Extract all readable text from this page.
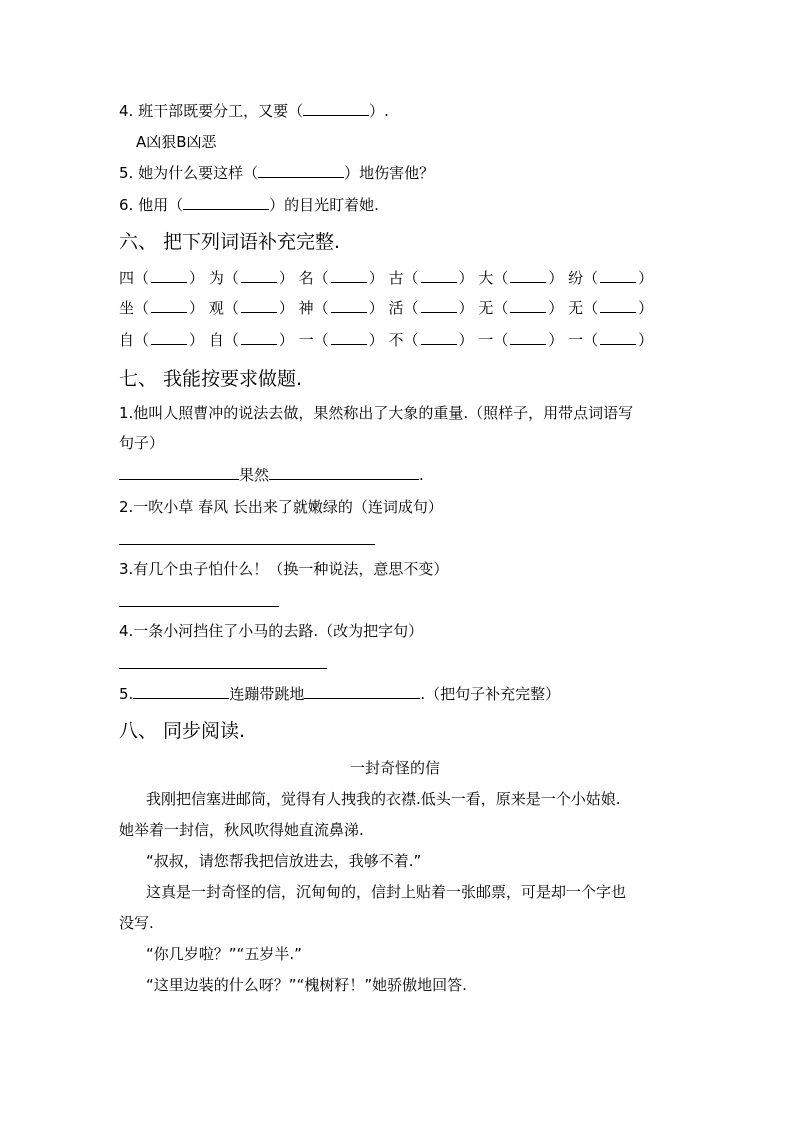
4. 班干部既要分工，又要（	）.
A凶狠B凶恶
5. 她为什么要这样（	）地伤害他？
6. 他用（	）的目光盯着她.
六、 把下列词语补充完整.
四（	） 为（	） 名（	） 古（	） 大（	） 纷（	）
坐（	） 观（	） 神（	） 活（	） 无（	） 无（	）
自（	） 自（	） 一（	） 不（	） 一（	） 一（	）
七、 我能按要求做题.
1.他叫人照曹冲的说法去做，果然称出了大象的重量.（照样子，用带点词语写
句子）
果然	.
2.一吹小草 春风 长出来了就嫩绿的（连词成句）
3.有几个虫子怕什么！（换一种说法，意思不变）
4.一条小河挡住了小马的去路.（改为把字句）
5.	连蹦带跳地	.（把句子补充完整）
八、 同步阅读.
一封奇怪的信
我刚把信塞进邮筒，觉得有人拽我的衣襟.低头一看，原来是一个小姑娘.
她举着一封信，秋风吹得她直流鼻涕.
“叔叔，请您帮我把信放进去，我够不着.”
这真是一封奇怪的信，沉甸甸的，信封上贴着一张邮票，可是却一个字也
没写.
“你几岁啦？”“五岁半.”
“这里边装的什么呀？”“槐树籽！”她骄傲地回答.
